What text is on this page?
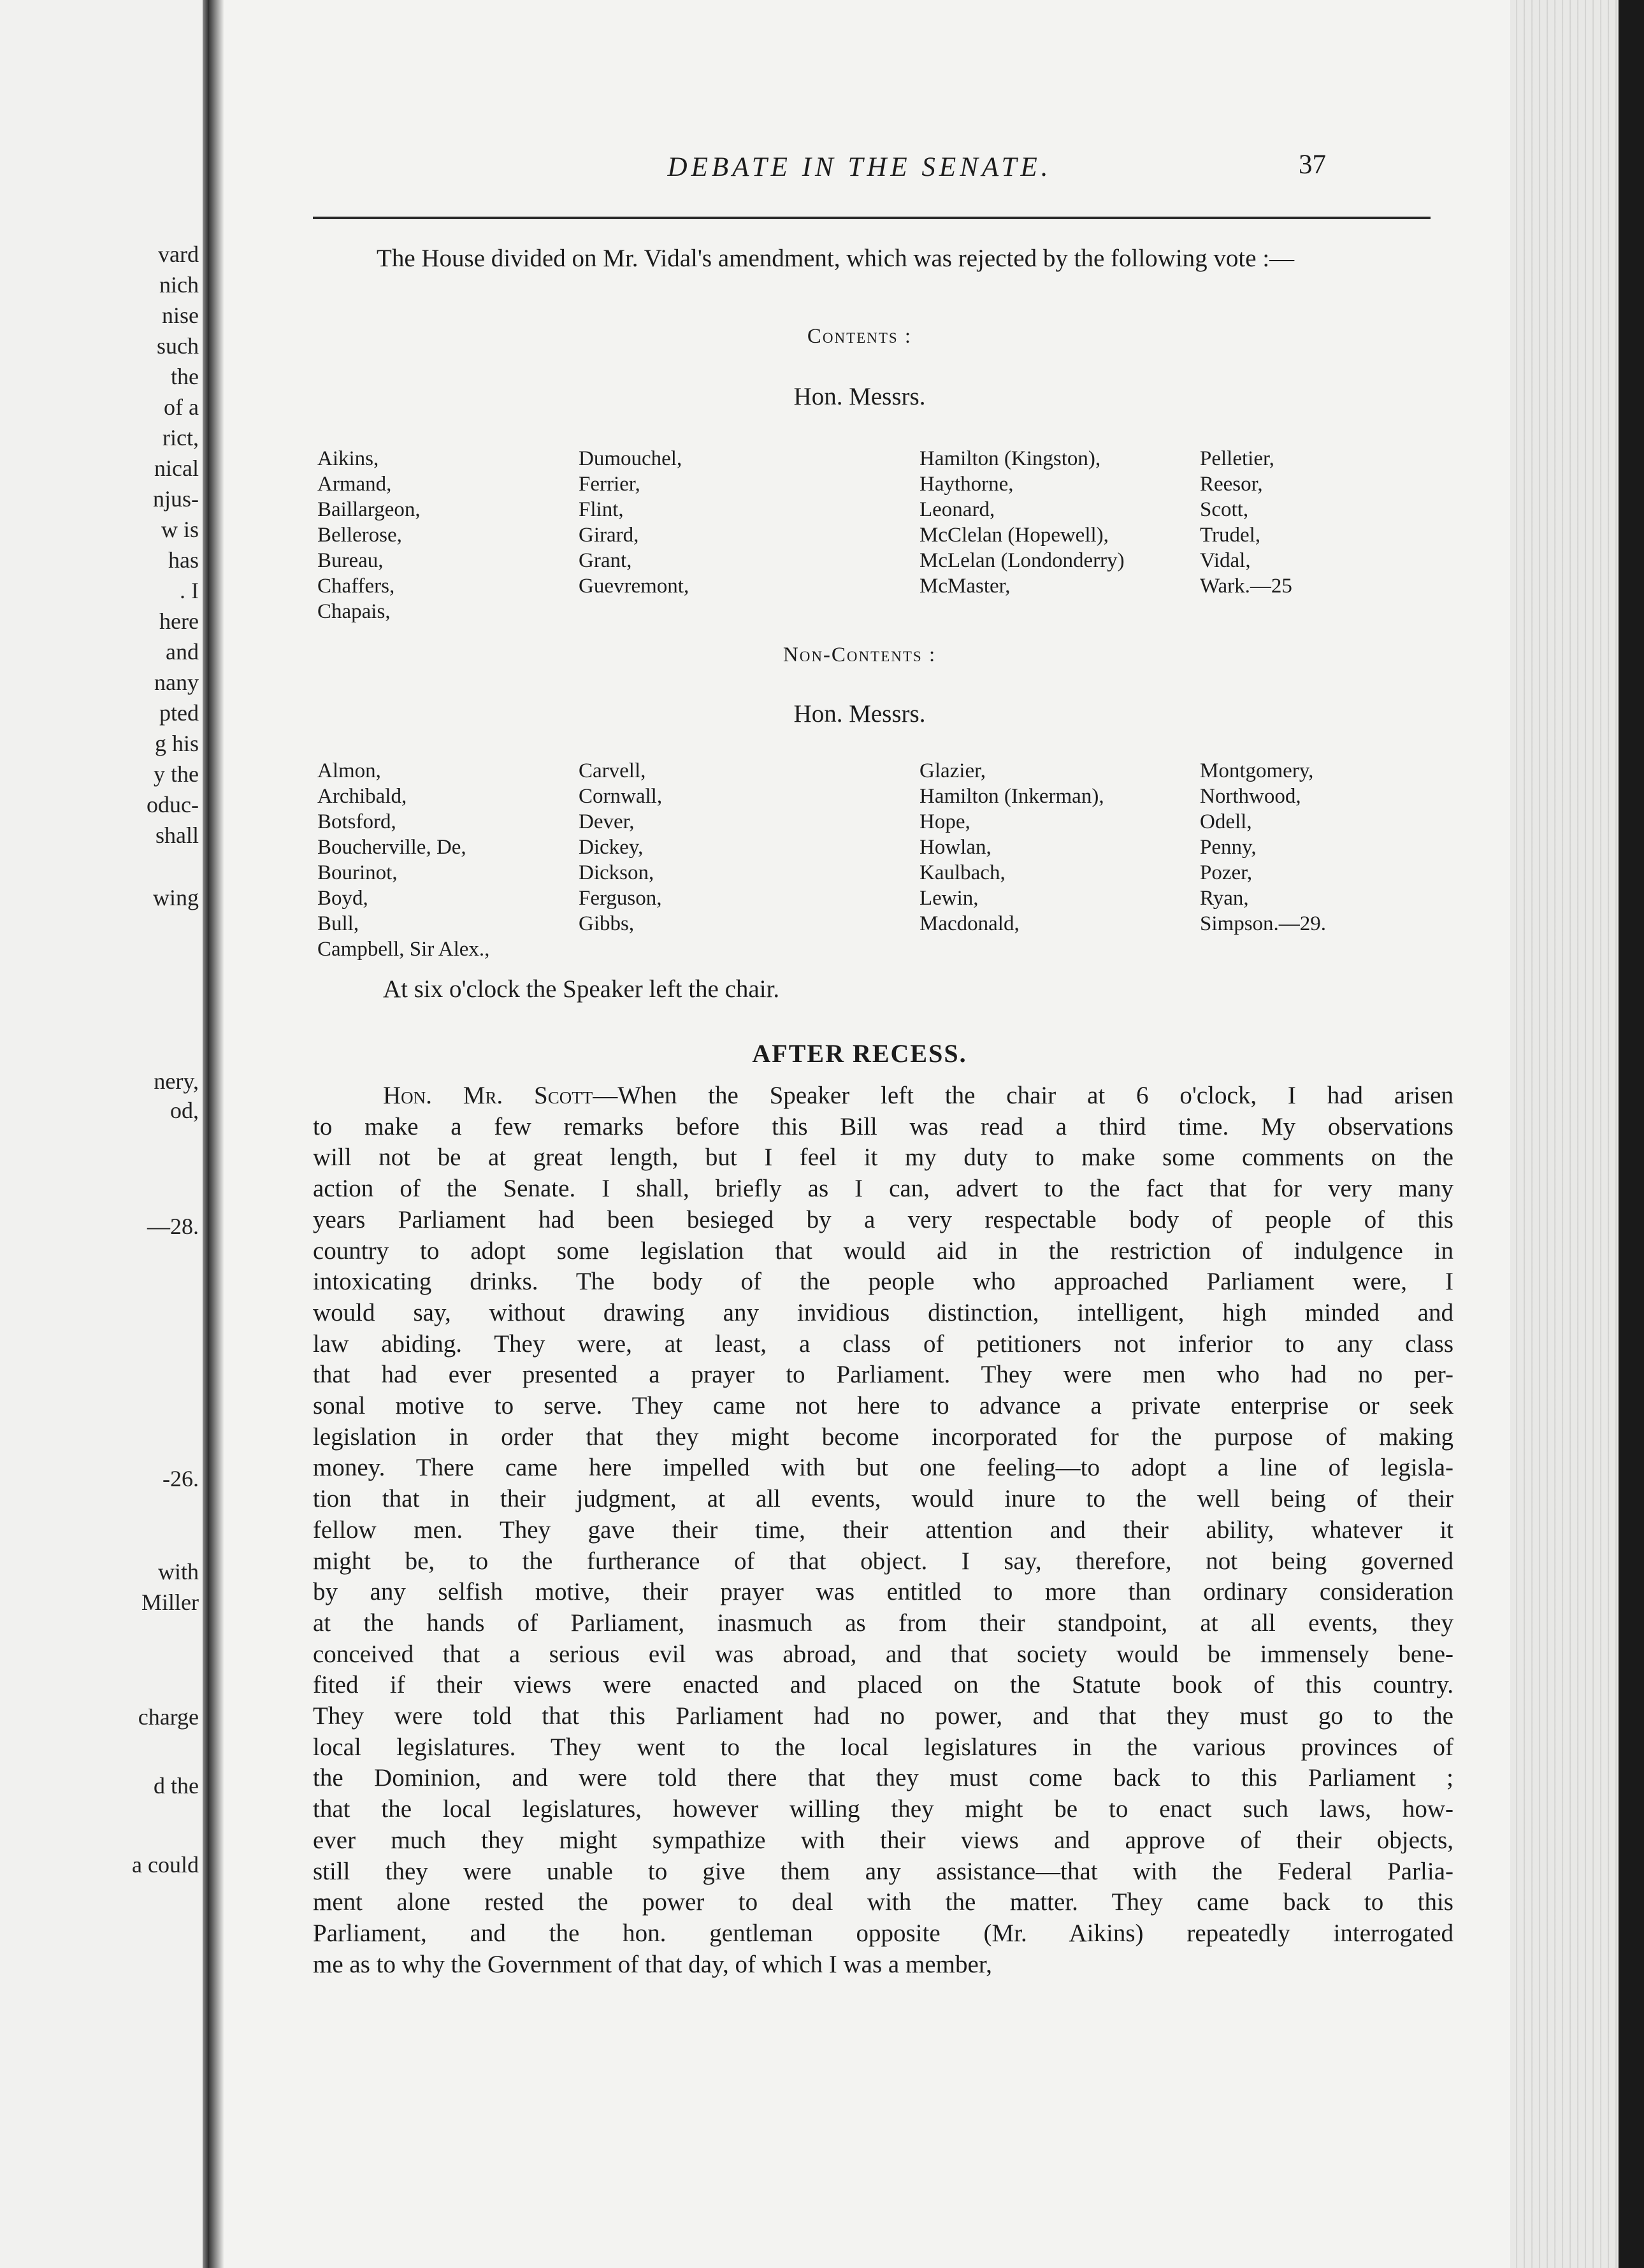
vard
nich
nise
such
the
of a
rict,
nical
njus-
w is
has
. I
here
and
nany
pted
g his
y the
oduc-
shall
wing
nery,
od,
—28.
-26.
with
Miller
charge
d the
a could
DEBATE IN THE SENATE.	37
The House divided on Mr. Vidal's amendment, which was rejected by the following vote :—
Contents :
Hon. Messrs.
Aikins,
Armand,
Baillargeon,
Bellerose,
Bureau,
Chaffers,
Chapais,
Dumouchel,
Ferrier,
Flint,
Girard,
Grant,
Guevremont,
Hamilton (Kingston),
Haythorne,
Leonard,
McClelan (Hopewell),
McLelan (Londonderry)
McMaster,
Pelletier,
Reesor,
Scott,
Trudel,
Vidal,
Wark.—25
Non-Contents :
Hon. Messrs.
Almon,
Archibald,
Botsford,
Boucherville, De,
Bourinot,
Boyd,
Bull,
Campbell, Sir Alex.,
Carvell,
Cornwall,
Dever,
Dickey,
Dickson,
Ferguson,
Gibbs,
Glazier,
Hamilton (Inkerman),
Hope,
Howlan,
Kaulbach,
Lewin,
Macdonald,
Montgomery,
Northwood,
Odell,
Penny,
Pozer,
Ryan,
Simpson.—29.
At six o'clock the Speaker left the chair.
AFTER RECESS.
Hon. Mr. Scott—When the Speaker left the chair at 6 o'clock, I had arisen
to make a few remarks before this Bill was read a third time. My observations
will not be at great length, but I feel it my duty to make some comments on the
action of the Senate. I shall, briefly as I can, advert to the fact that for very many
years Parliament had been besieged by a very respectable body of people of this
country to adopt some legislation that would aid in the restriction of indulgence in
intoxicating drinks. The body of the people who approached Parliament were, I
would say, without drawing any invidious distinction, intelligent, high minded and
law abiding. They were, at least, a class of petitioners not inferior to any class
that had ever presented a prayer to Parliament. They were men who had no per-
sonal motive to serve. They came not here to advance a private enterprise or seek
legislation in order that they might become incorporated for the purpose of making
money. There came here impelled with but one feeling—to adopt a line of legisla-
tion that in their judgment, at all events, would inure to the well being of their
fellow men. They gave their time, their attention and their ability, whatever it
might be, to the furtherance of that object. I say, therefore, not being governed
by any selfish motive, their prayer was entitled to more than ordinary consideration
at the hands of Parliament, inasmuch as from their standpoint, at all events, they
conceived that a serious evil was abroad, and that society would be immensely bene-
fited if their views were enacted and placed on the Statute book of this country.
They were told that this Parliament had no power, and that they must go to the
local legislatures. They went to the local legislatures in the various provinces of
the Dominion, and were told there that they must come back to this Parliament ;
that the local legislatures, however willing they might be to enact such laws, how-
ever much they might sympathize with their views and approve of their objects,
still they were unable to give them any assistance—that with the Federal Parlia-
ment alone rested the power to deal with the matter. They came back to this
Parliament, and the hon. gentleman opposite (Mr. Aikins) repeatedly interrogated
me as to why the Government of that day, of which I was a member,
